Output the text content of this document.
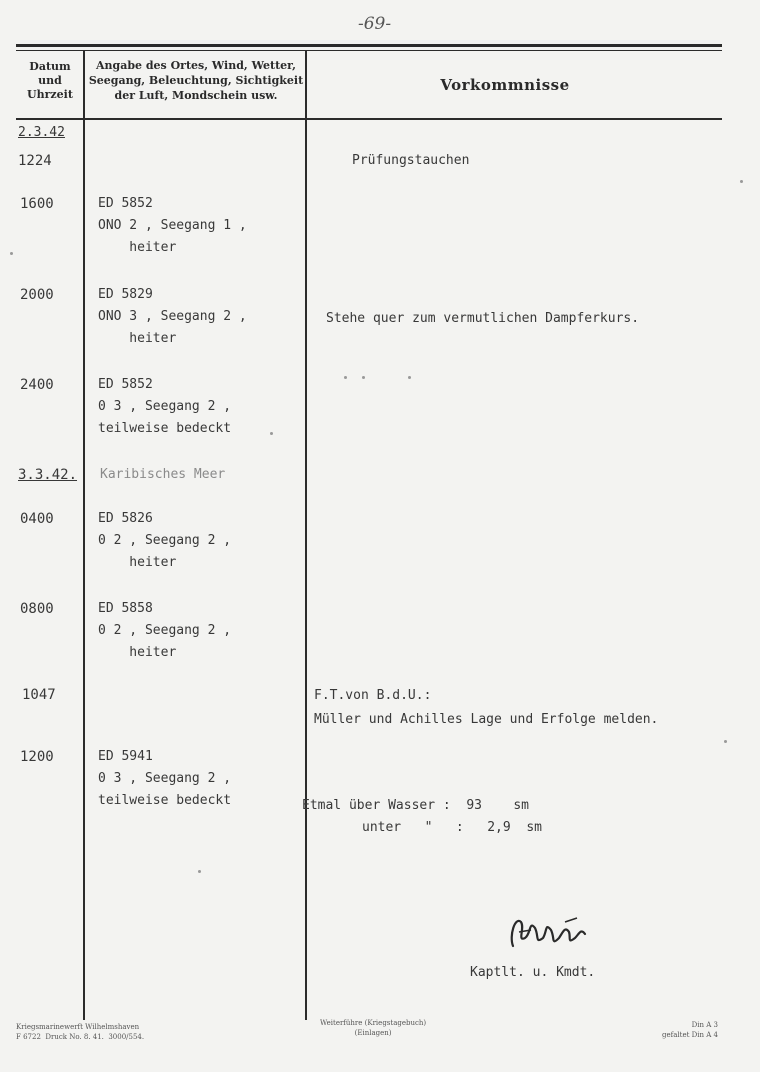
-69-
Datum
und
Uhrzeit
Angabe des Ortes, Wind, Wetter,
Seegang, Beleuchtung, Sichtigkeit
der Luft, Mondschein usw.
Vorkommnisse
2.3.42
1224
1600
2000
2400
3.3.42.
0400
0800
1047
1200
ED 5852
ONO 2 , Seegang 1 ,
heiter
ED 5829
ONO 3 , Seegang 2 ,
heiter
ED 5852
0 3 , Seegang 2 ,
teilweise bedeckt
Karibisches Meer
ED 5826
0 2 , Seegang 2 ,
heiter
ED 5858
0 2 , Seegang 2 ,
heiter
ED 5941
0 3 , Seegang 2 ,
teilweise bedeckt
Prüfungstauchen
Stehe quer zum vermutlichen Dampferkurs.
F.T.von B.d.U.:
Müller und Achilles Lage und Erfolge melden.
Etmal über Wasser :  93    sm
unter   "   :   2,9  sm
Kaptlt. u. Kmdt.
Kriegsmarinewerft Wilhelmshaven
F 6722  Druck No. 8. 41.  3000/554.
Weiterführe (Kriegstagebuch)
(Einlagen)
Din A 3
gefaltet Din A 4
